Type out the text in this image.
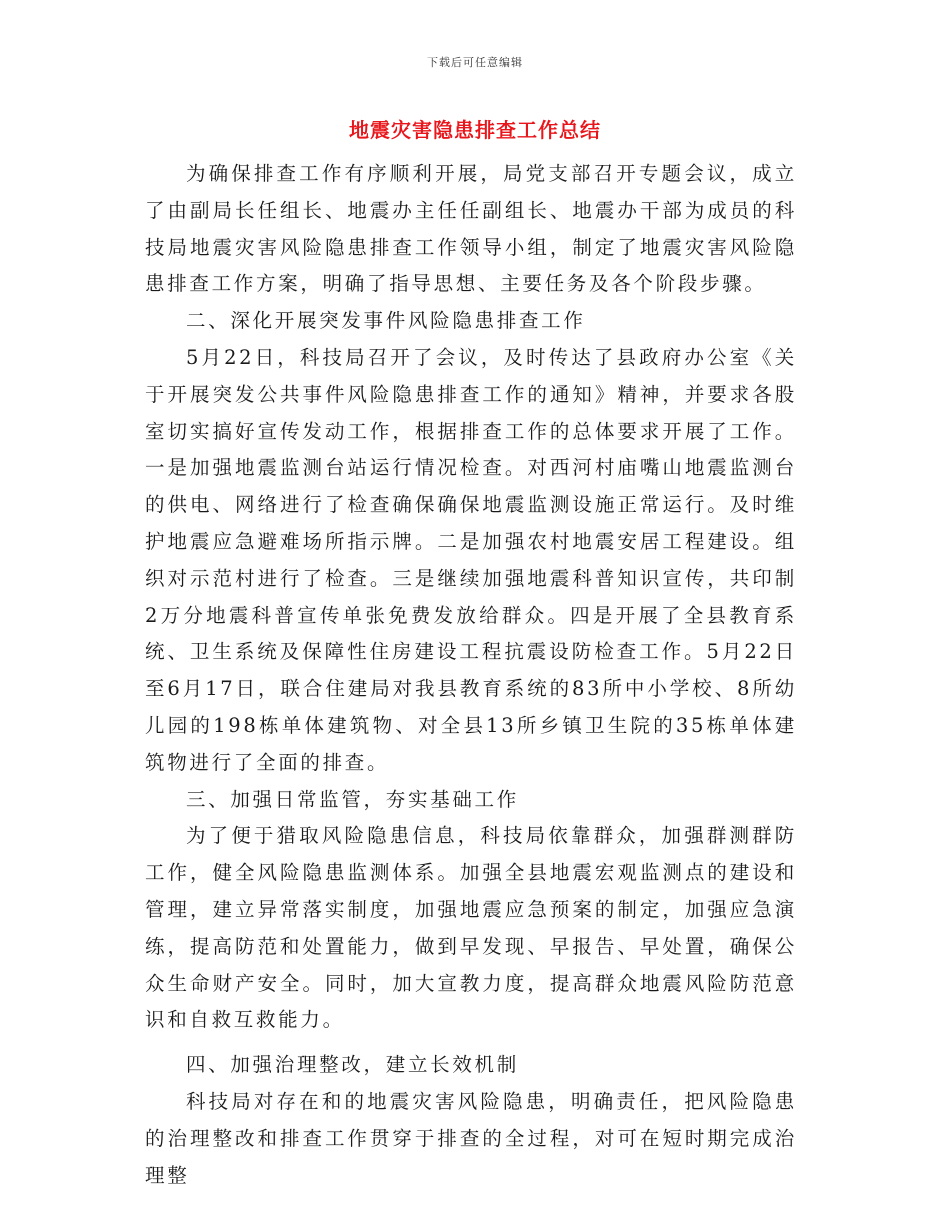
下载后可任意编辑
地震灾害隐患排查工作总结

为确保排查工作有序顺利开展，局党支部召开专题会议，成立了由副局长任组长、地震办主任任副组长、地震办干部为成员的科技局地震灾害风险隐患排查工作领导小组，制定了地震灾害风险隐患排查工作方案，明确了指导思想、主要任务及各个阶段步骤。

二、深化开展突发事件风险隐患排查工作

5月22日，科技局召开了会议，及时传达了县政府办公室《关于开展突发公共事件风险隐患排查工作的通知》精神，并要求各股室切实搞好宣传发动工作，根据排查工作的总体要求开展了工作。一是加强地震监测台站运行情况检查。对西河村庙嘴山地震监测台的供电、网络进行了检查确保确保地震监测设施正常运行。及时维护地震应急避难场所指示牌。二是加强农村地震安居工程建设。组织对示范村进行了检查。三是继续加强地震科普知识宣传，共印制2万分地震科普宣传单张免费发放给群众。四是开展了全县教育系统、卫生系统及保障性住房建设工程抗震设防检查工作。5月22日至6月17日，联合住建局对我县教育系统的83所中小学校、8所幼儿园的198栋单体建筑物、对全县13所乡镇卫生院的35栋单体建筑物进行了全面的排查。

三、加强日常监管，夯实基础工作

为了便于猎取风险隐患信息，科技局依靠群众，加强群测群防工作，健全风险隐患监测体系。加强全县地震宏观监测点的建设和管理，建立异常落实制度，加强地震应急预案的制定，加强应急演练，提高防范和处置能力，做到早发现、早报告、早处置，确保公众生命财产安全。同时，加大宣教力度，提高群众地震风险防范意识和自救互救能力。

四、加强治理整改，建立长效机制

科技局对存在和的地震灾害风险隐患，明确责任，把风险隐患的治理整改和排查工作贯穿于排查的全过程，对可在短时期完成治理整
